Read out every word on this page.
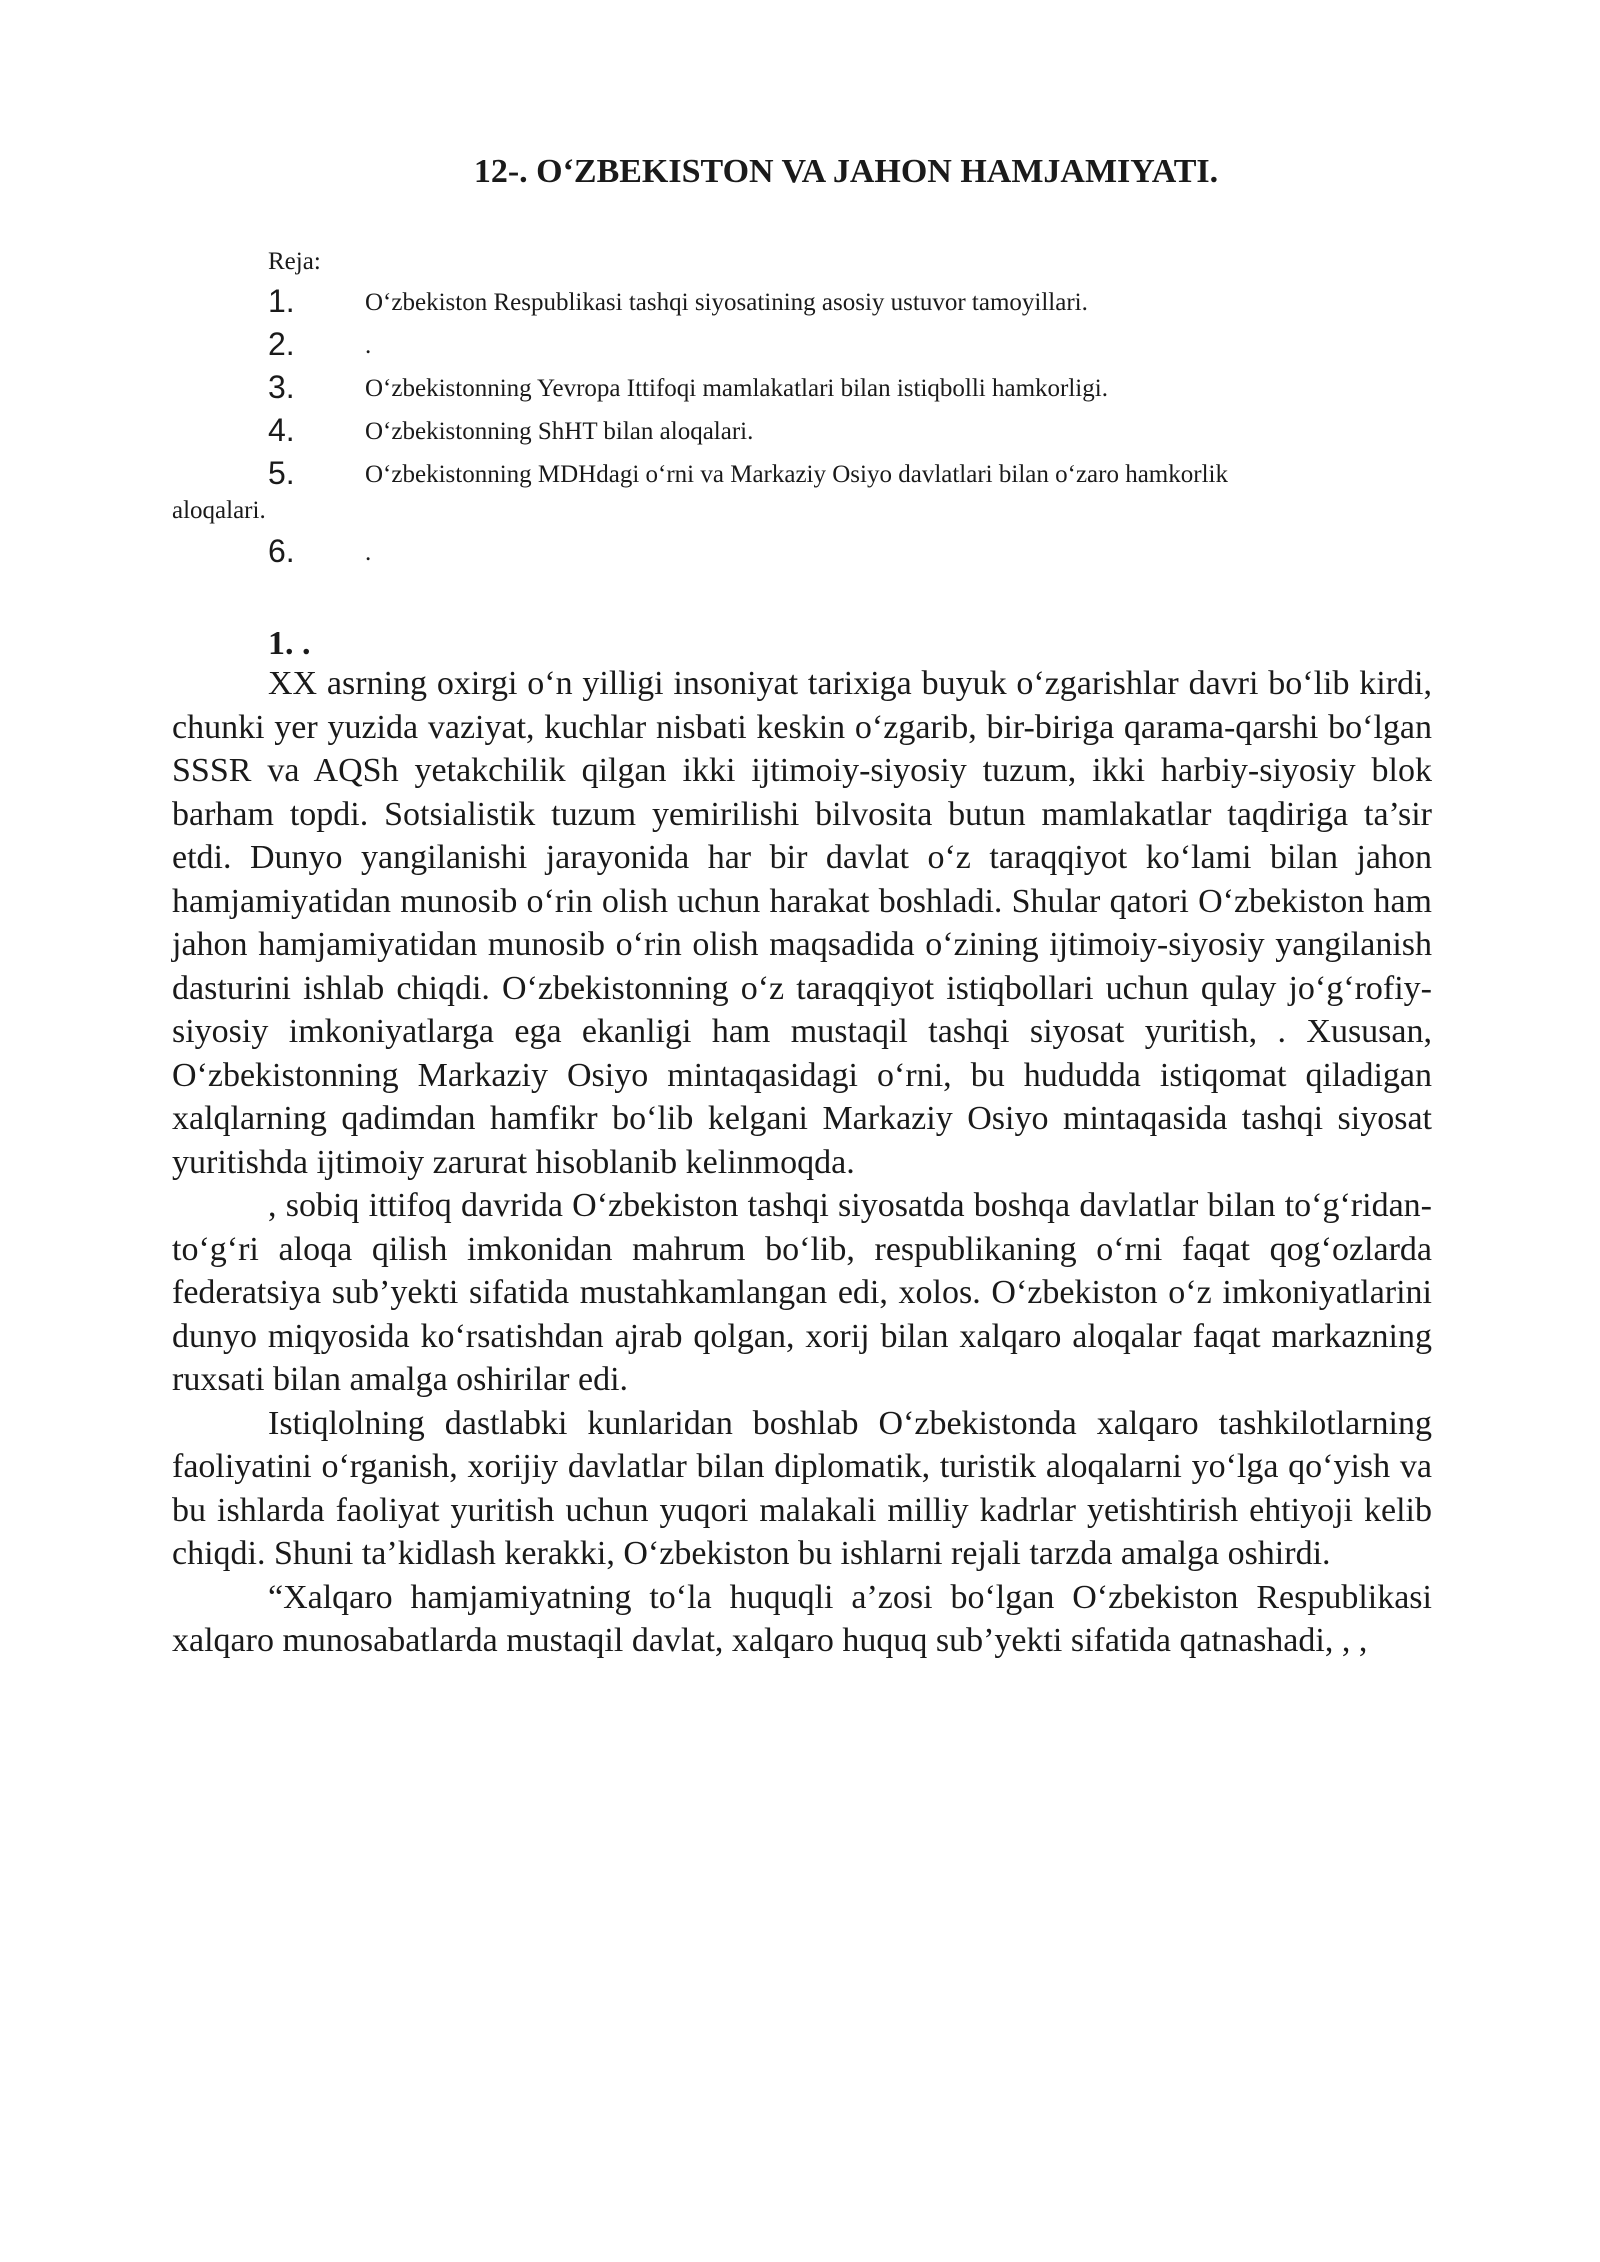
12-. O‘ZBEKISTON VA JAHON HAMJAMIYATI.
Reja:
1.	O‘zbekiston Respublikasi tashqi siyosatining asosiy ustuvor tamoyillari.
2.	.
3.	O‘zbekistonning Yevropa Ittifoqi mamlakatlari bilan istiqbolli hamkorligi.
4.	O‘zbekistonning ShHT bilan aloqalari.
5.	O‘zbekistonning MDHdagi o‘rni va Markaziy Osiyo davlatlari bilan o‘zaro hamkorlik
aloqalari.
6.	.
1. .

XX asrning oxirgi o‘n yilligi insoniyat tarixiga buyuk o‘zgarishlar davri bo‘lib kirdi, chunki yer yuzida vaziyat, kuchlar nisbati keskin o‘zgarib, bir-biriga qarama-qarshi bo‘lgan SSSR va AQSh yetakchilik qilgan ikki ijtimoiy-siyosiy tuzum, ikki harbiy-siyosiy blok barham topdi. Sotsialistik tuzum yemirilishi bilvosita butun mamlakatlar taqdiriga ta’sir etdi. Dunyo yangilanishi jarayonida har bir davlat o‘z taraqqiyot ko‘lami bilan jahon hamjamiyatidan munosib o‘rin olish uchun harakat boshladi. Shular qatori O‘zbekiston ham jahon hamjamiyatidan munosib o‘rin olish maqsadida o‘zining ijtimoiy-siyosiy yangilanish dasturini ishlab chiqdi. O‘zbekistonning o‘z taraqqiyot istiqbollari uchun qulay jo‘g‘rofiy-siyosiy imkoniyatlarga ega ekanligi ham mustaqil tashqi siyosat yuritish, . Xususan, O‘zbekistonning Markaziy Osiyo mintaqasidagi o‘rni, bu hududda istiqomat qiladigan xalqlarning qadimdan hamfikr bo‘lib kelgani Markaziy Osiyo mintaqasida tashqi siyosat yuritishda ijtimoiy zarurat hisoblanib kelinmoqda.

, sobiq ittifoq davrida O‘zbekiston tashqi siyosatda boshqa davlatlar bilan to‘g‘ridan-to‘g‘ri aloqa qilish imkonidan mahrum bo‘lib, respublikaning o‘rni faqat qog‘ozlarda federatsiya sub’yekti sifatida mustahkamlangan edi, xolos. O‘zbekiston o‘z imkoniyatlarini dunyo miqyosida ko‘rsatishdan ajrab qolgan, xorij bilan xalqaro aloqalar faqat markazning ruxsati bilan amalga oshirilar edi.

Istiqlolning dastlabki kunlaridan boshlab O‘zbekistonda xalqaro tashkilotlarning faoliyatini o‘rganish, xorijiy davlatlar bilan diplomatik, turistik aloqalarni yo‘lga qo‘yish va bu ishlarda faoliyat yuritish uchun yuqori malakali milliy kadrlar yetishtirish ehtiyoji kelib chiqdi. Shuni ta’kidlash kerakki, O‘zbekiston bu ishlarni rejali tarzda amalga oshirdi.

“Xalqaro hamjamiyatning to‘la huquqli a’zosi bo‘lgan O‘zbekiston Respublikasi xalqaro munosabatlarda mustaqil davlat, xalqaro huquq sub’yekti sifatida qatnashadi, , ,
